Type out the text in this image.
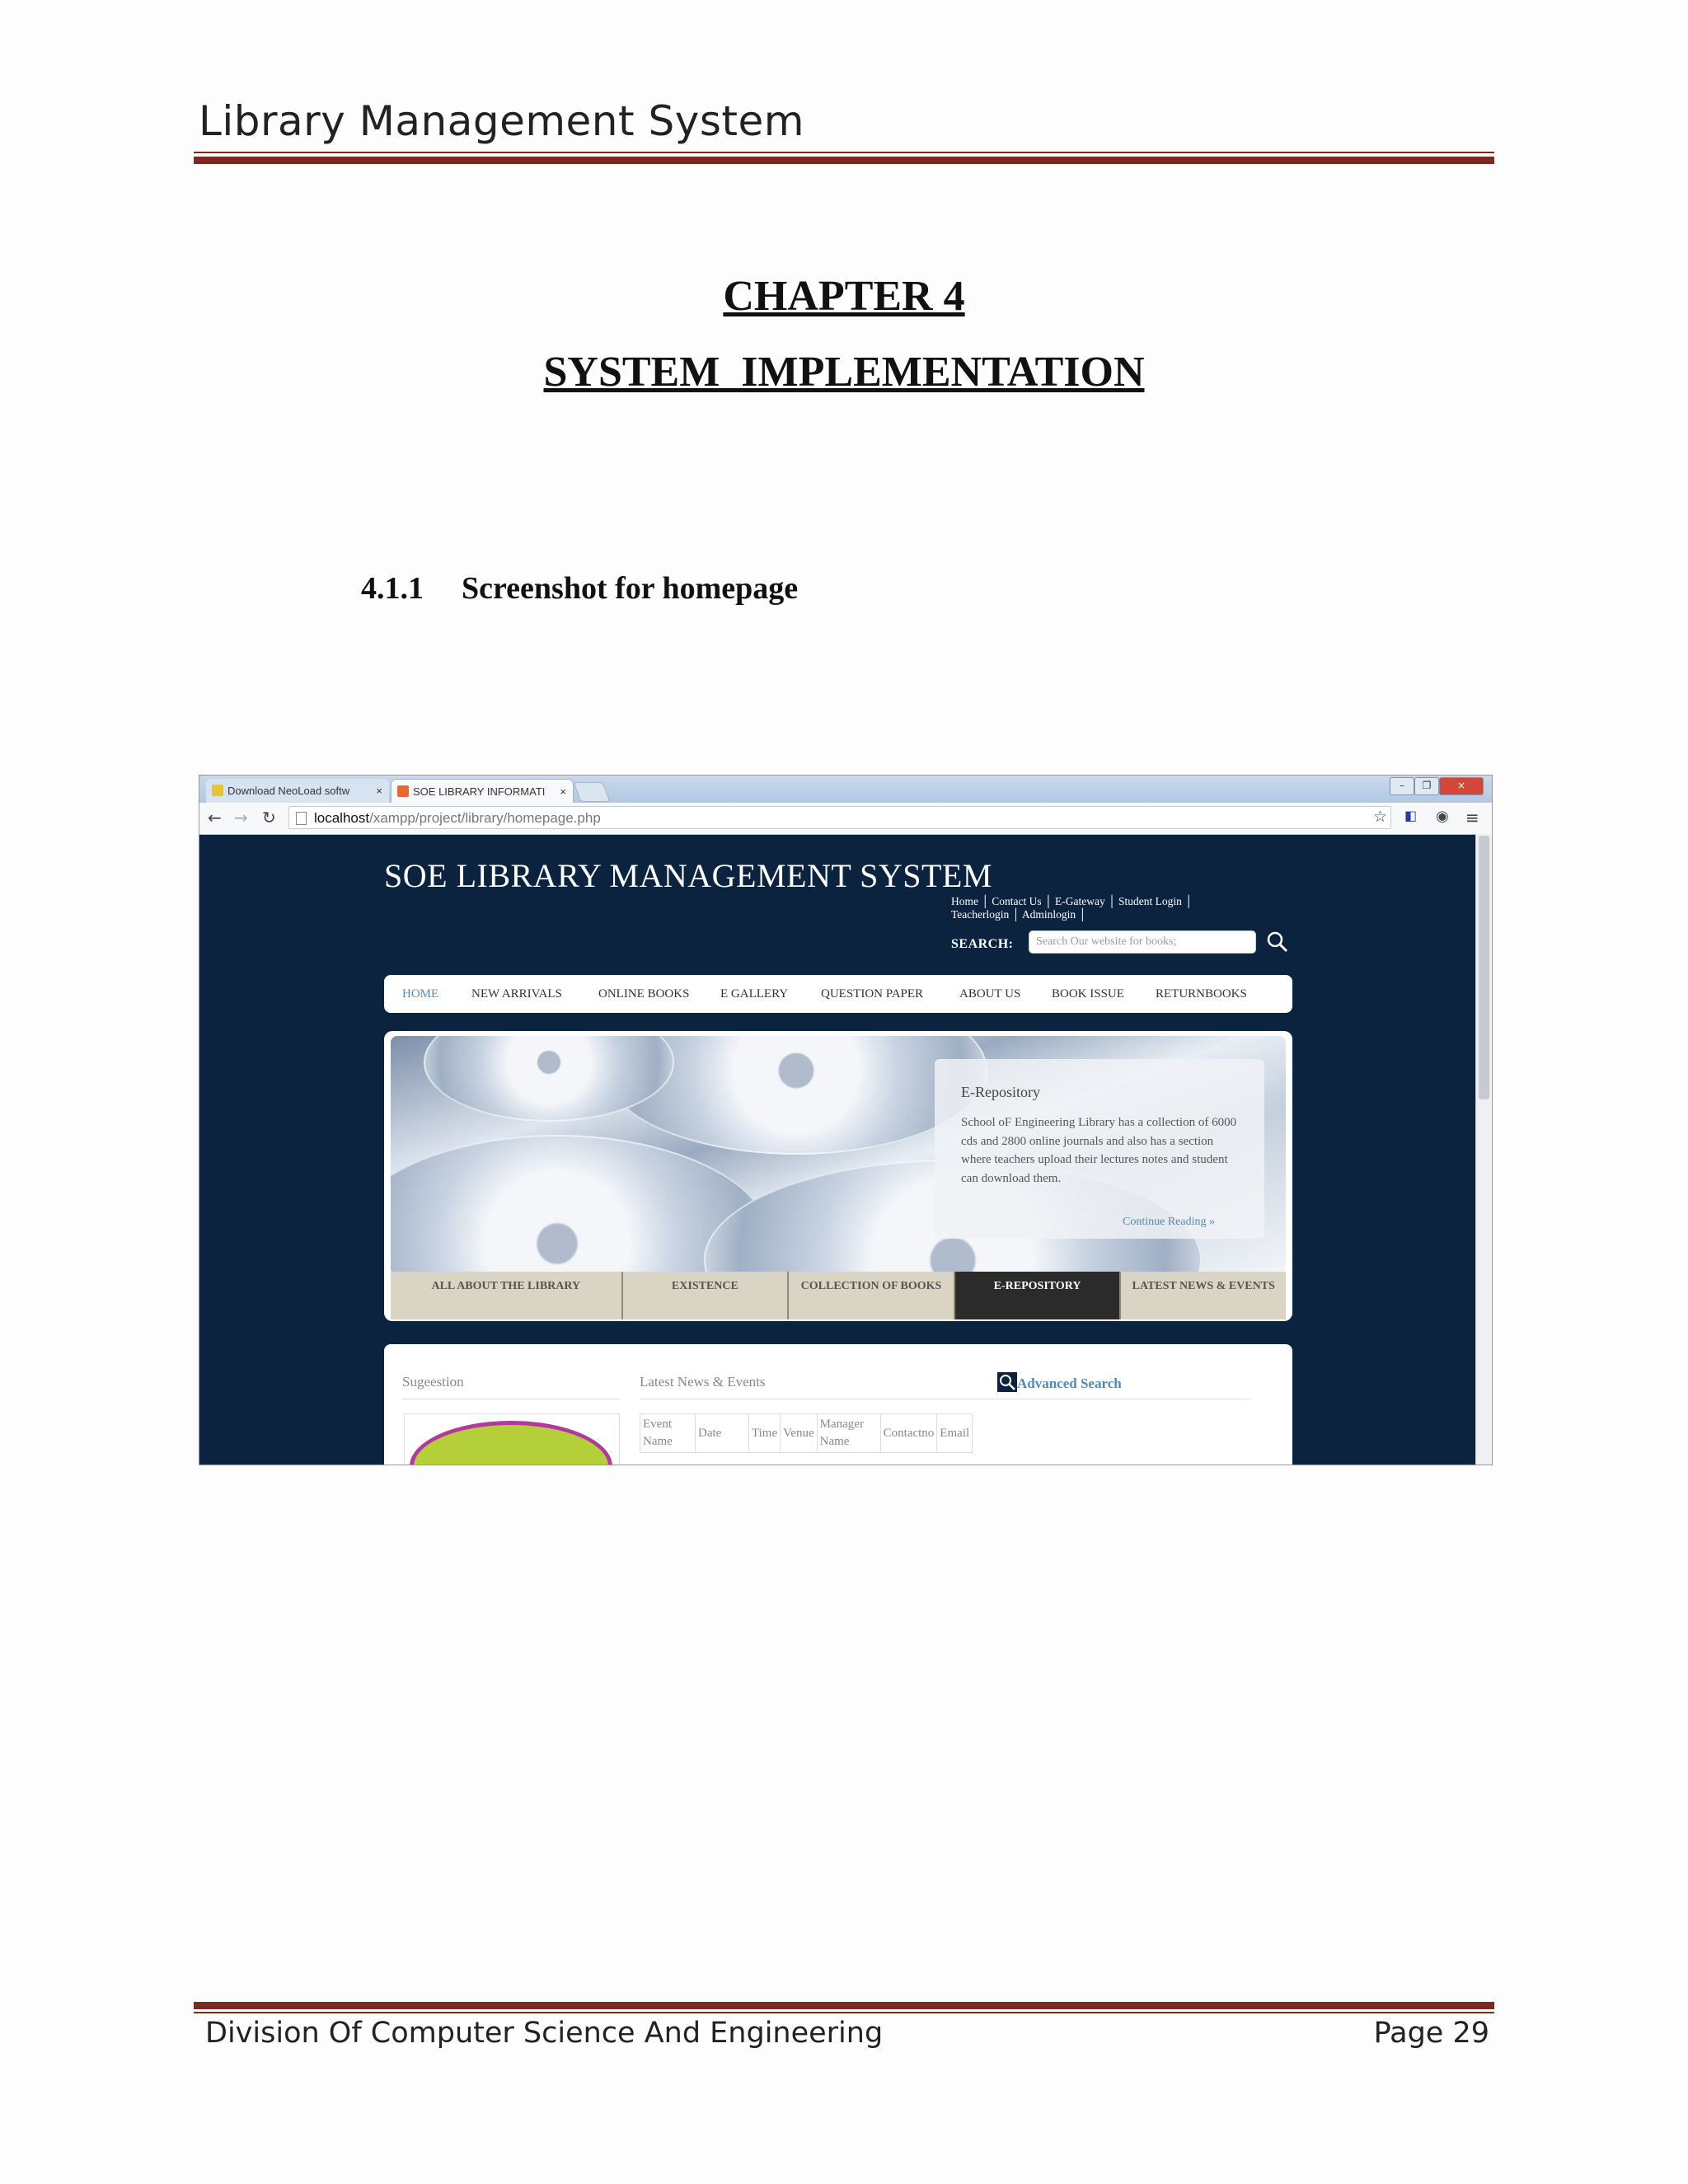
Library Management System
CHAPTER 4
SYSTEM  IMPLEMENTATION
4.1.1 Screenshot for homepage
Download NeoLoad softw ×	SOE LIBRARY INFORMATI ×	–	❐	×
← → ↻	localhost/xampp/project/library/homepage.php	☆ ◧ ◉ ≡
SOE LIBRARY MANAGEMENT SYSTEM
Home │ Contact Us │ E-Gateway │ Student Login │
Teacherlogin │ Adminlogin │
SEARCH:
Search Our website for books;
HOME	NEW ARRIVALS	ONLINE BOOKS	E GALLERY	QUESTION PAPER	ABOUT US	BOOK ISSUE	RETURNBOOKS
E-Repository
School oF Engineering Library has a collection of 6000 cds and 2800 online journals and also has a section where teachers upload their lectures notes and student can download them.
Continue Reading »
ALL ABOUT THE LIBRARY	EXISTENCE	COLLECTION OF BOOKS	E-REPOSITORY	LATEST NEWS & EVENTS
Sugeestion	Latest News & Events	Advanced Search
Event Name	Date	Time	Venue	Manager Name	Contactno	Email
Division Of Computer Science And Engineering	Page 29
